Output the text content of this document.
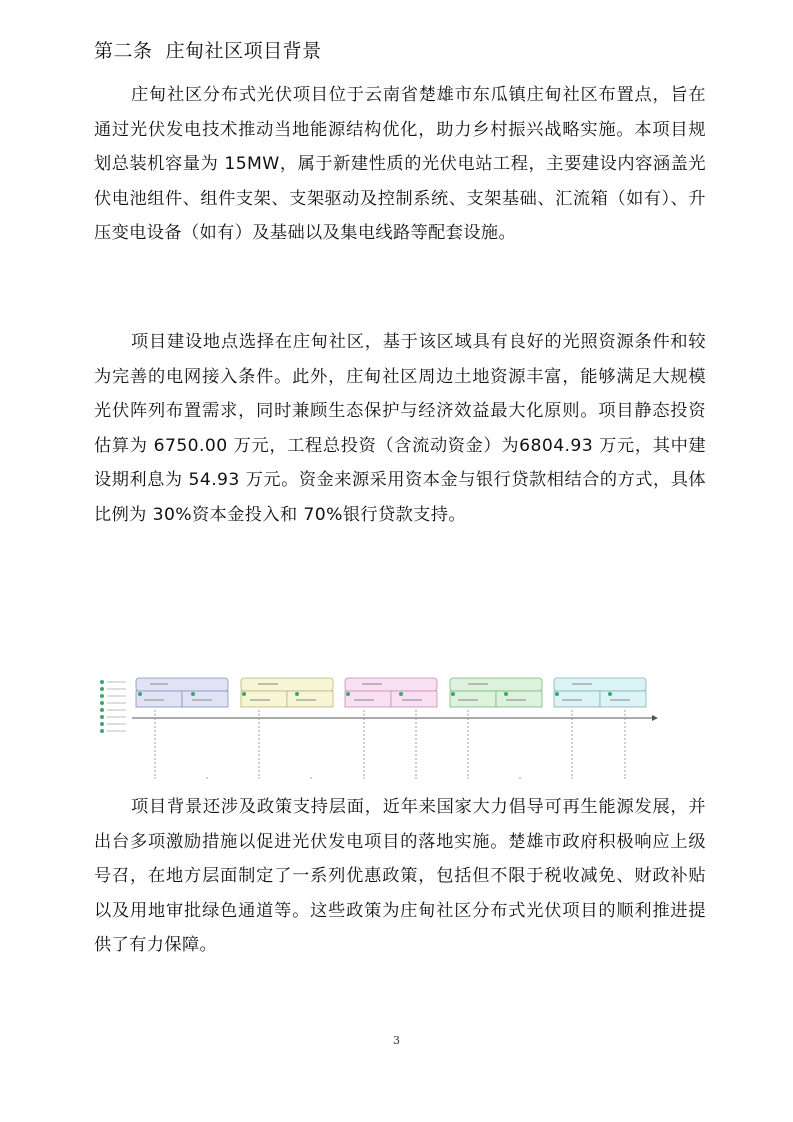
第二条  庄甸社区项目背景

庄甸社区分布式光伏项目位于云南省楚雄市东瓜镇庄甸社区布置点，旨在通过光伏发电技术推动当地能源结构优化，助力乡村振兴战略实施。本项目规划总装机容量为 15MW，属于新建性质的光伏电站工程，主要建设内容涵盖光伏电池组件、组件支架、支架驱动及控制系统、支架基础、汇流箱（如有）、升压变电设备（如有）及基础以及集电线路等配套设施。

项目建设地点选择在庄甸社区，基于该区域具有良好的光照资源条件和较为完善的电网接入条件。此外，庄甸社区周边土地资源丰富，能够满足大规模光伏阵列布置需求，同时兼顾生态保护与经济效益最大化原则。项目静态投资估算为 6750.00 万元，工程总投资（含流动资金）为6804.93 万元，其中建设期利息为 54.93 万元。资金来源采用资本金与银行贷款相结合的方式，具体比例为 30%资本金投入和 70%银行贷款支持。

项目背景还涉及政策支持层面，近年来国家大力倡导可再生能源发展，并出台多项激励措施以促进光伏发电项目的落地实施。楚雄市政府积极响应上级号召，在地方层面制定了一系列优惠政策，包括但不限于税收减免、财政补贴以及用地审批绿色通道等。这些政策为庄甸社区分布式光伏项目的顺利推进提供了有力保障。

3
